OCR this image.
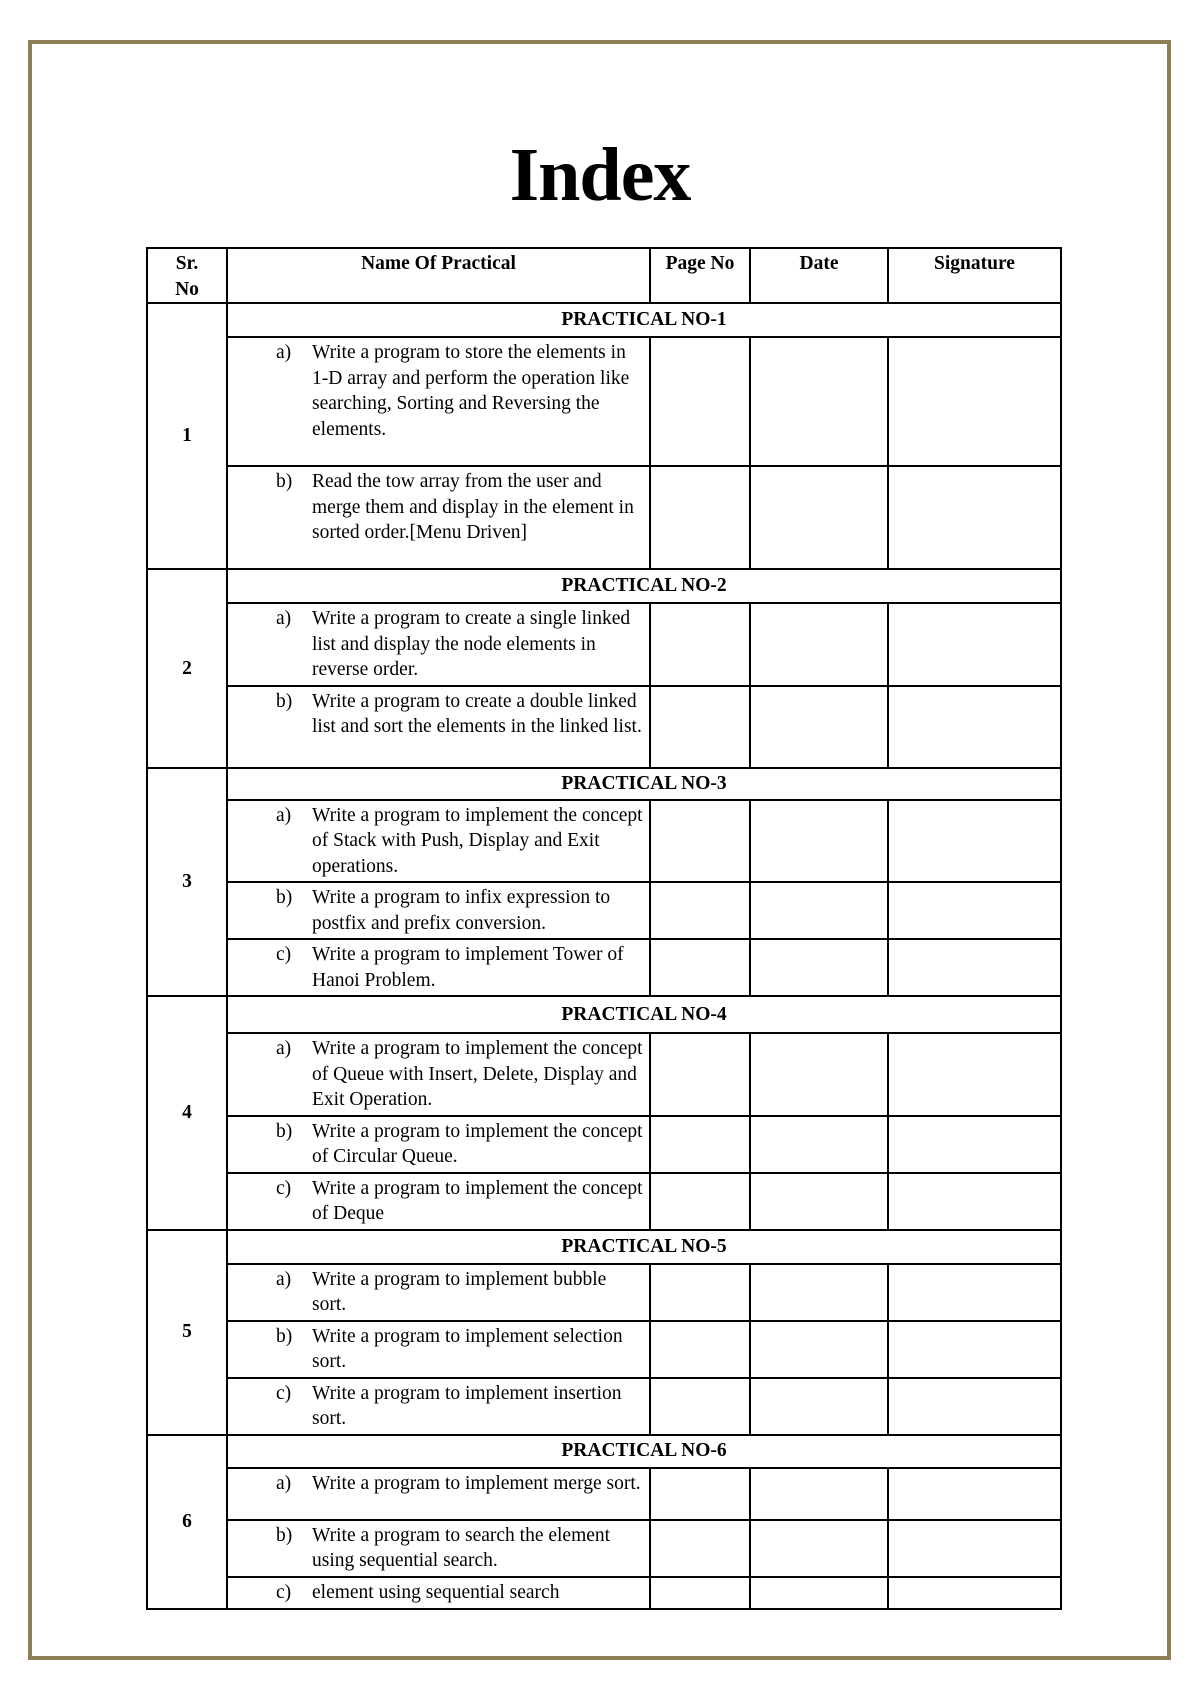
Index
Sr. No	Name Of Practical	Page No	Date	Signature
1	PRACTICAL NO-1			

	a) Write a program to store the elements in 1-D array and perform the operation like searching, Sorting and Reversing the elements.			

	b) Read the tow array from the user and merge them and display in the element in sorted order.[Menu Driven]			

2	PRACTICAL NO-2			

	a) Write a program to create a single linked list and display the node elements in reverse order.			

	b) Write a program to create a double linked list and sort the elements in the linked list.			

3	PRACTICAL NO-3			

	a) Write a program to implement the concept of Stack with Push, Display and Exit operations.			

	b) Write a program to infix expression to postfix and prefix conversion.			

	c) Write a program to implement Tower of Hanoi Problem.			

4	PRACTICAL NO-4			

	a) Write a program to implement the concept of Queue with Insert, Delete, Display and Exit Operation.			

	b) Write a program to implement the concept of Circular Queue.			

	c) Write a program to implement the concept of Deque			

5	PRACTICAL NO-5			

	a) Write a program to implement bubble sort.			

	b) Write a program to implement selection sort.			

	c) Write a program to implement insertion sort.			

6	PRACTICAL NO-6			

	a) Write a program to implement merge sort.			

	b) Write a program to search the element using sequential search.			

	c) element using sequential search			
